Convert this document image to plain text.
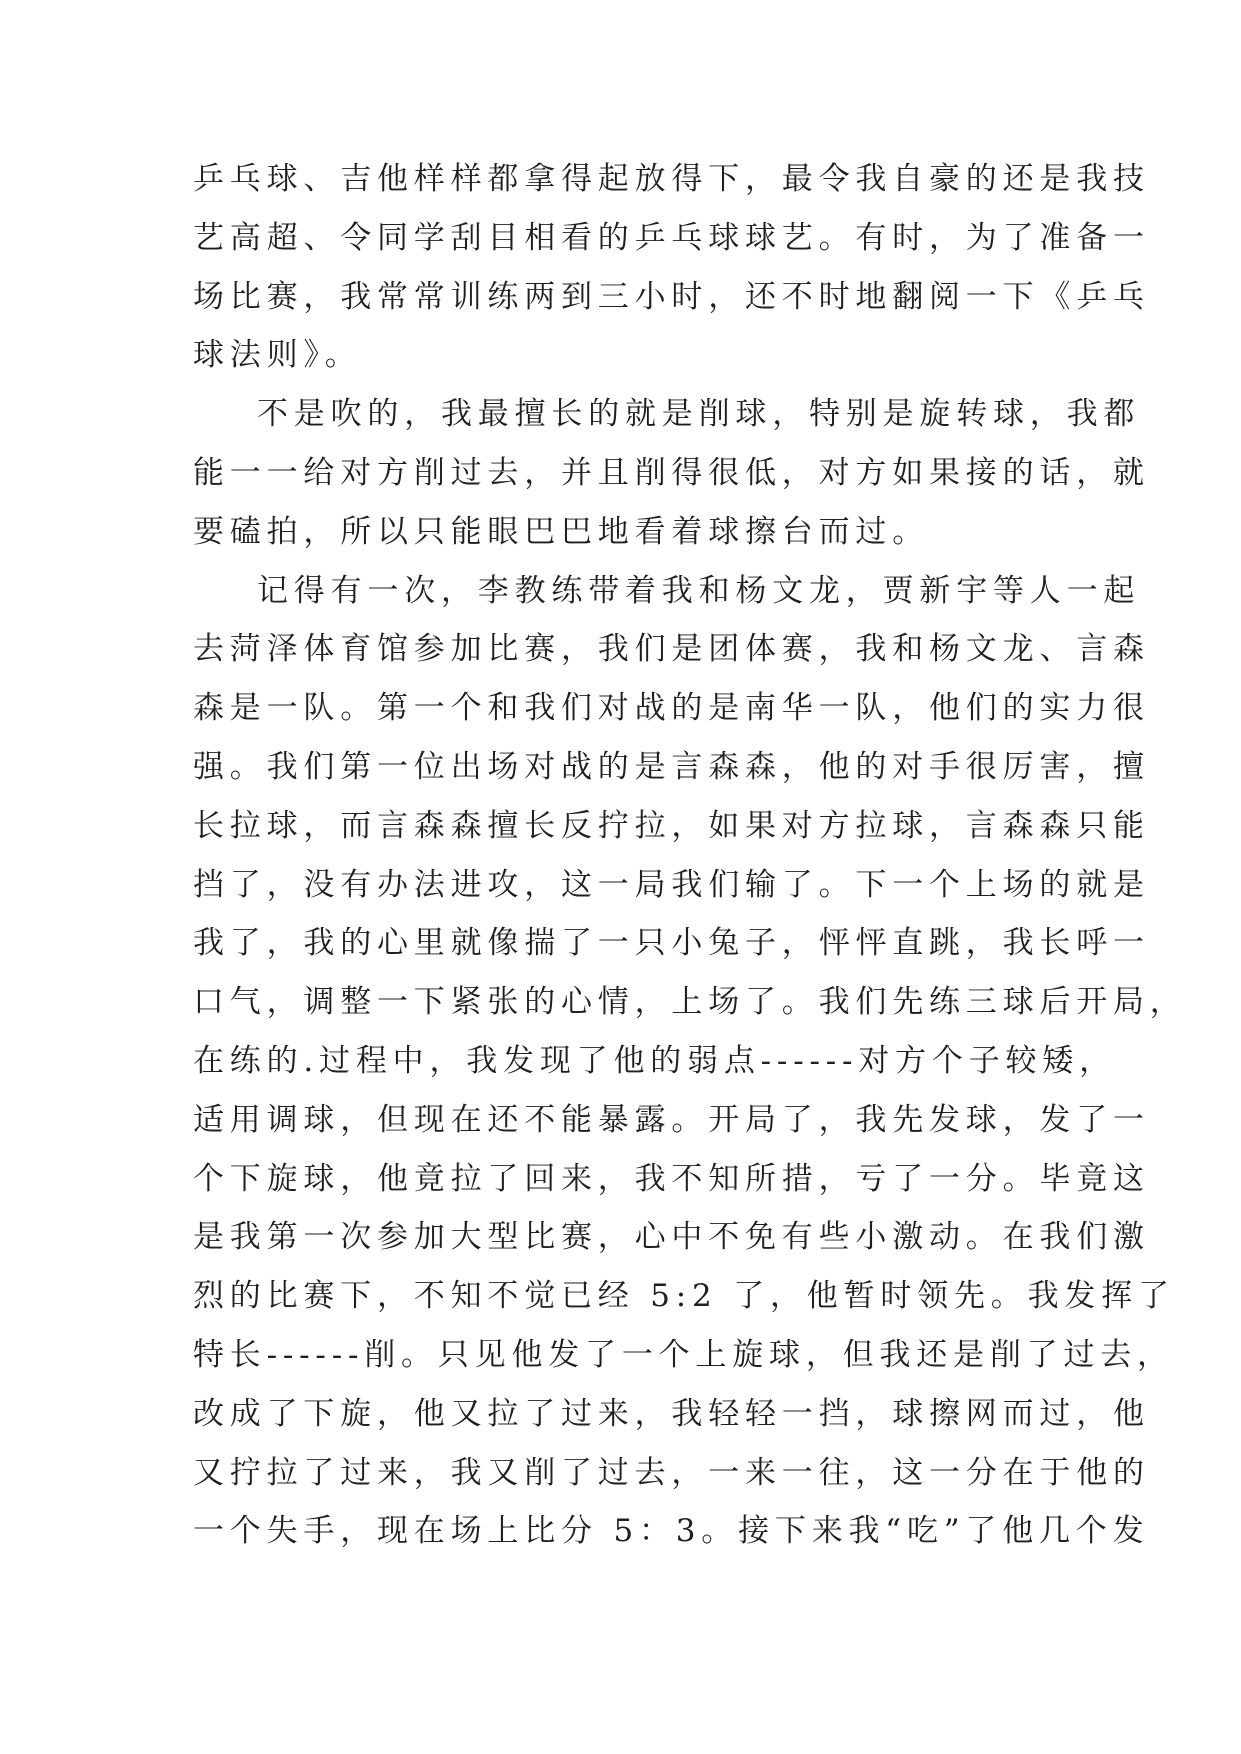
乒乓球、吉他样样都拿得起放得下，最令我自豪的还是我技
艺高超、令同学刮目相看的乒乓球球艺。有时，为了准备一
场比赛，我常常训练两到三小时，还不时地翻阅一下《乒乓
球法则》。
不是吹的，我最擅长的就是削球，特别是旋转球，我都
能一一给对方削过去，并且削得很低，对方如果接的话，就
要磕拍，所以只能眼巴巴地看着球擦台而过。
记得有一次，李教练带着我和杨文龙，贾新宇等人一起
去菏泽体育馆参加比赛，我们是团体赛，我和杨文龙、言森
森是一队。第一个和我们对战的是南华一队，他们的实力很
强。我们第一位出场对战的是言森森，他的对手很厉害，擅
长拉球，而言森森擅长反拧拉，如果对方拉球，言森森只能
挡了，没有办法进攻，这一局我们输了。下一个上场的就是
我了，我的心里就像揣了一只小兔子，怦怦直跳，我长呼一
口气，调整一下紧张的心情，上场了。我们先练三球后开局，
在练的.过程中，我发现了他的弱点------对方个子较矮，
适用调球，但现在还不能暴露。开局了，我先发球，发了一
个下旋球，他竟拉了回来，我不知所措，亏了一分。毕竟这
是我第一次参加大型比赛，心中不免有些小激动。在我们激
烈的比赛下，不知不觉已经 5:2 了，他暂时领先。我发挥了
特长------削。只见他发了一个上旋球，但我还是削了过去，
改成了下旋，他又拉了过来，我轻轻一挡，球擦网而过，他
又拧拉了过来，我又削了过去，一来一往，这一分在于他的
一个失手，现在场上比分 5：3。接下来我“吃”了他几个发
